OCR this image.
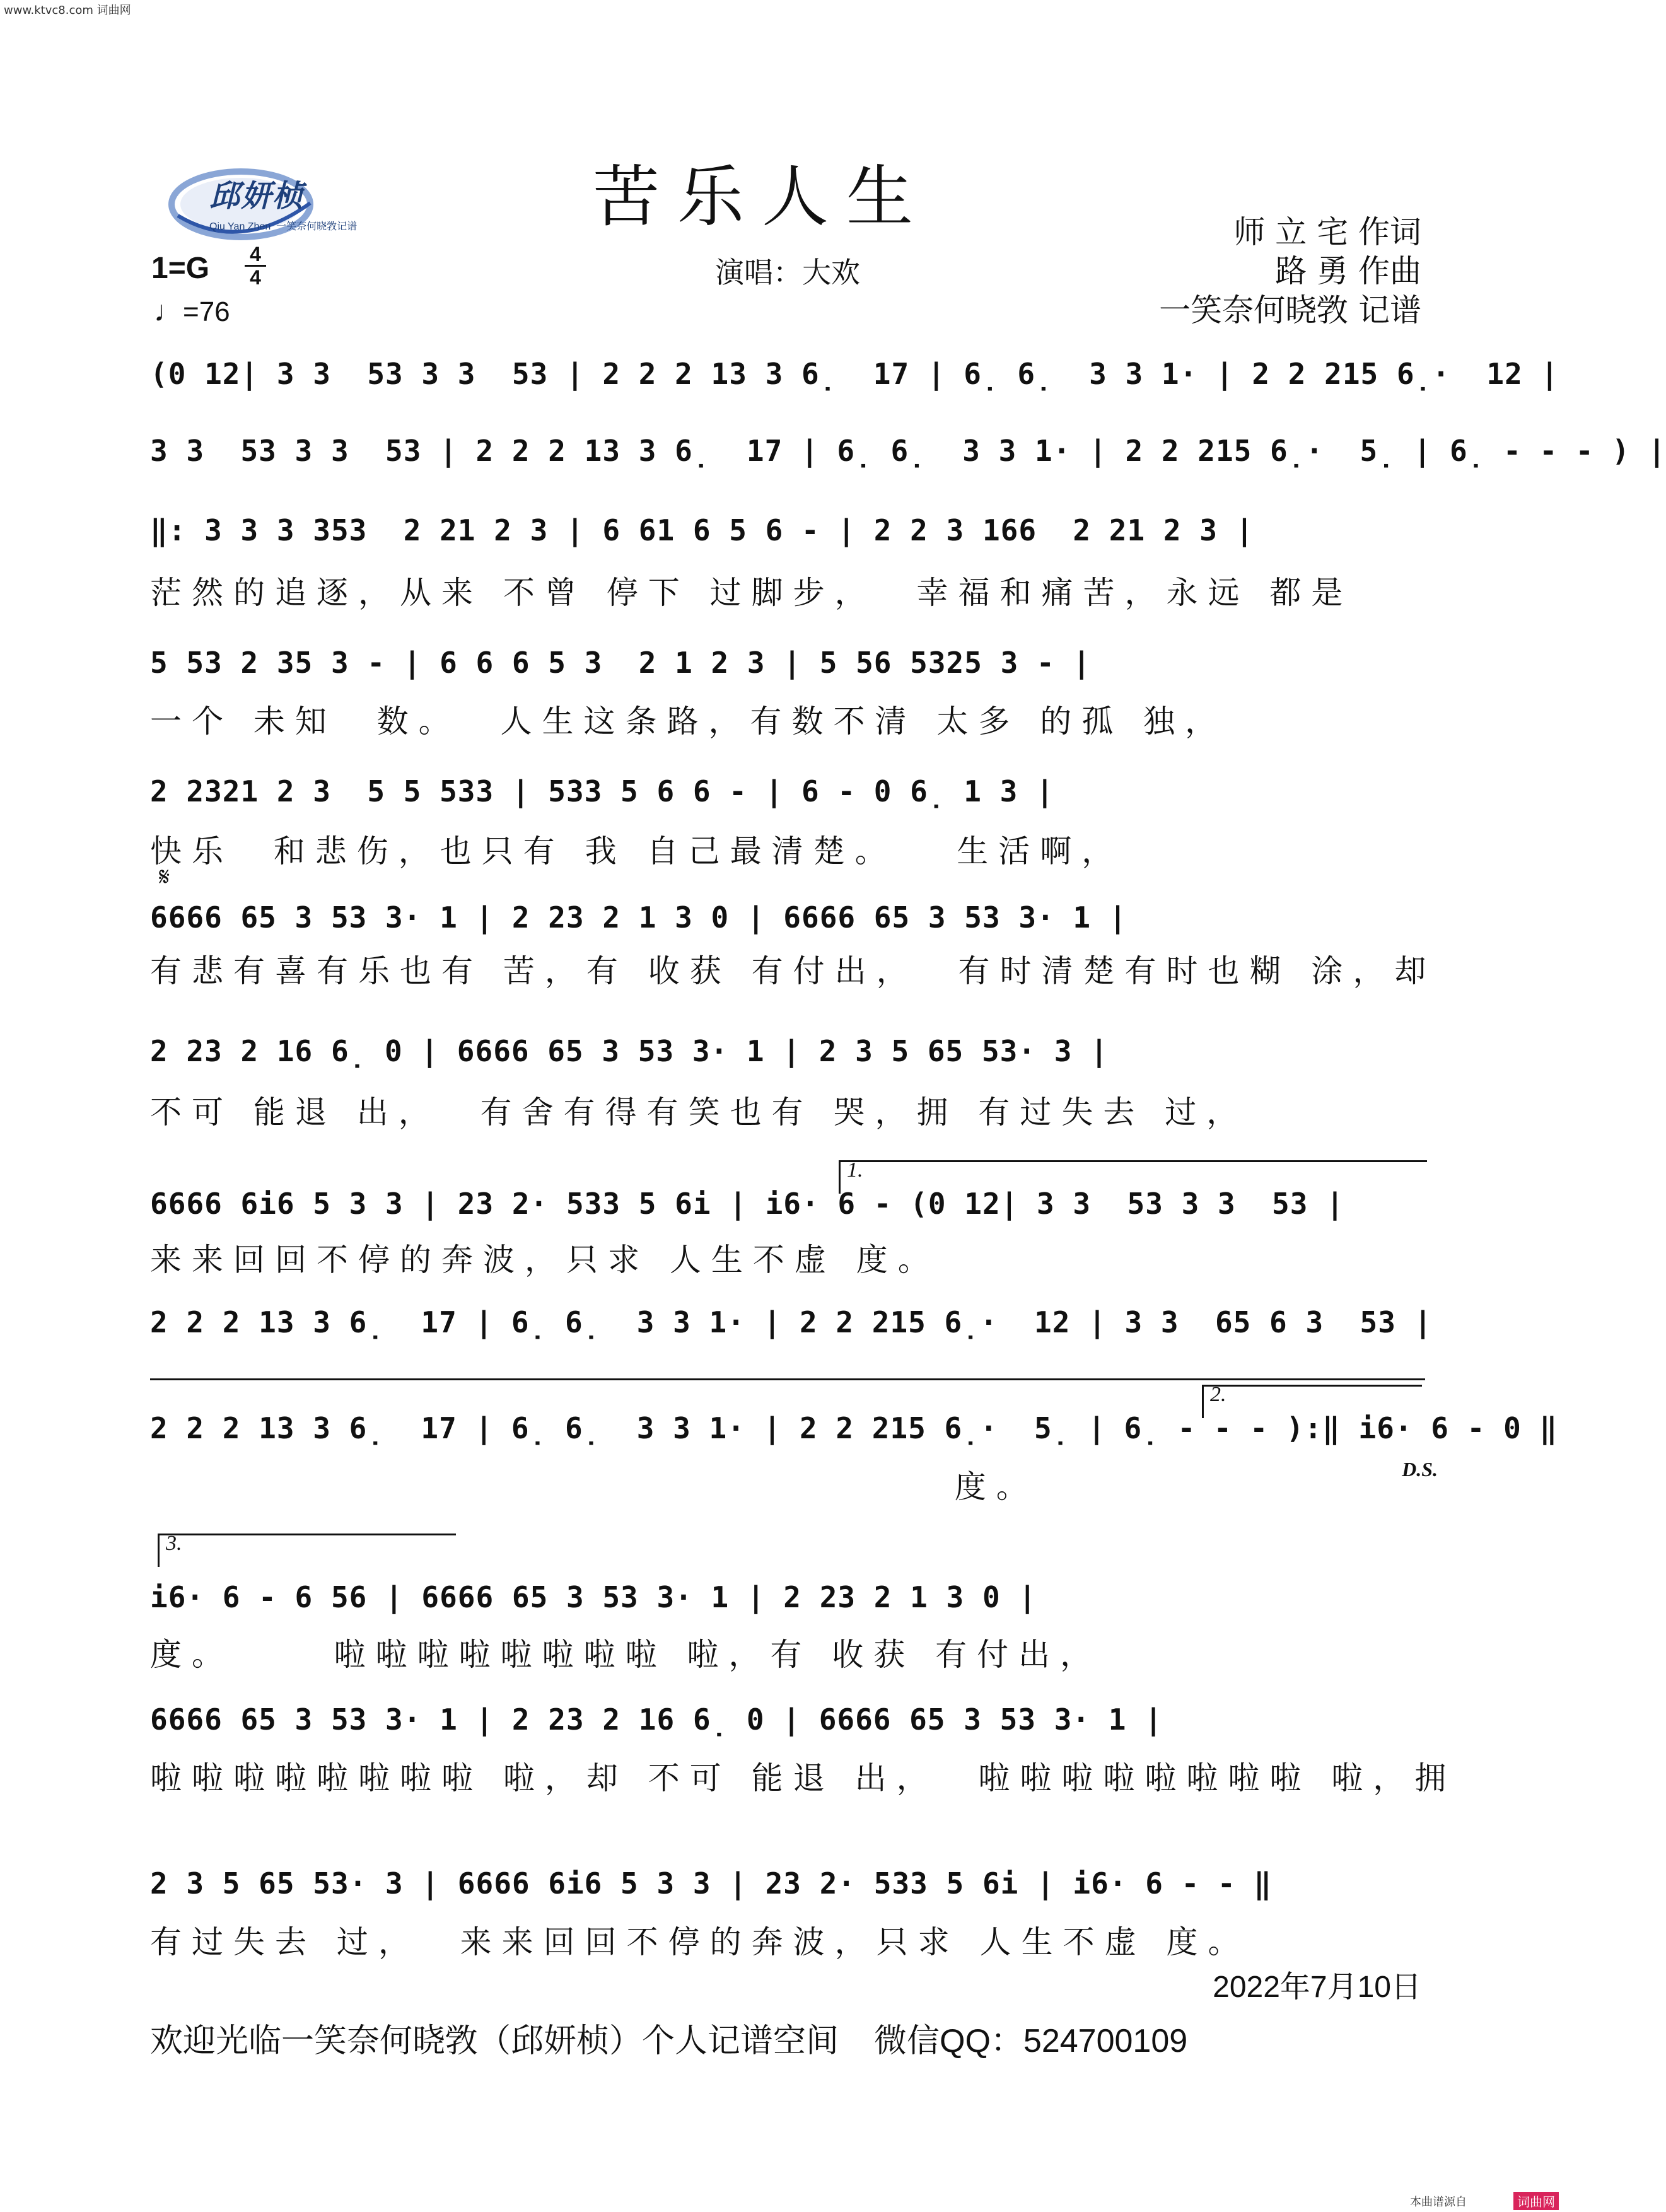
www.ktvc8.com 词曲网
邱妍桢
Qiu Yan Zhen 一笑奈何晓敩记谱	苦乐人生	师 立 宅 作词
路 勇 作曲
一笑奈何晓敩 记谱
1=G 4
4
♩=76
演唱：大欢
(0 12| 3 3  53 3 3  53 | 2 2 2 13 3 6̣  17 | 6̣ 6̣  3 3 1· | 2 2 215 6̣·  12 |
3 3  53 3 3  53 | 2 2 2 13 3 6̣  17 | 6̣ 6̣  3 3 1· | 2 2 215 6̣·  5̣ | 6̣ - - - ) |
‖: 3 3 3 353  2 21 2 3 | 6 61 6 5 6 - | 2 2 3 166  2 21 2 3 |
茫然的追逐，从来 不曾 停下 过脚步，  幸福和痛苦，永远 都是
5 53 2 35 3 - | 6 6 6 5 3  2 1 2 3 | 5 56 5325 3 - |
一个 未知  数。  人生这条路，有数不清 太多 的孤 独，
2 2321 2 3  5 5 533 | 533 5 6 6 - | 6 - 0 6̣ 1 3 |
快乐  和悲伤，也只有 我 自己最清楚。   生活啊，
𝄋
6666 65 3 53 3· 1 | 2 23 2 1 3 0 | 6666 65 3 53 3· 1 |
有悲有喜有乐也有 苦，有 收获 有付出，  有时清楚有时也糊 涂，却
2 23 2 16 6̣ 0 | 6666 65 3 53 3· 1 | 2 3 5 65 53· 3 |
不可 能退 出，  有舍有得有笑也有 哭，拥 有过失去 过，
1.
6666 6i6 5 3 3 | 23 2· 533 5 6i | i6· 6 - (0 12| 3 3  53 3 3  53 |
来来回回不停的奔波，只求 人生不虚 度。
2 2 2 13 3 6̣  17 | 6̣ 6̣  3 3 1· | 2 2 215 6̣·  12 | 3 3  65 6 3  53 |
2.
2 2 2 13 3 6̣  17 | 6̣ 6̣  3 3 1· | 2 2 215 6̣·  5̣ | 6̣ - - - ):‖ i6· 6 - 0 ‖
度。	D.S.
3.
i6· 6 - 6 56 | 6666 65 3 53 3· 1 | 2 23 2 1 3 0 |
度。     啦啦啦啦啦啦啦啦 啦，有 收获 有付出，
6666 65 3 53 3· 1 | 2 23 2 16 6̣ 0 | 6666 65 3 53 3· 1 |
啦啦啦啦啦啦啦啦 啦，却 不可 能退 出，  啦啦啦啦啦啦啦啦 啦，拥
2 3 5 65 53· 3 | 6666 6i6 5 3 3 | 23 2· 533 5 6i | i6· 6 - - ‖
有过失去 过，  来来回回不停的奔波，只求 人生不虚 度。
2022年7月10日
欢迎光临一笑奈何晓敩（邱妍桢）个人记谱空间 微信QQ：524700109
本曲谱源自	词曲网
